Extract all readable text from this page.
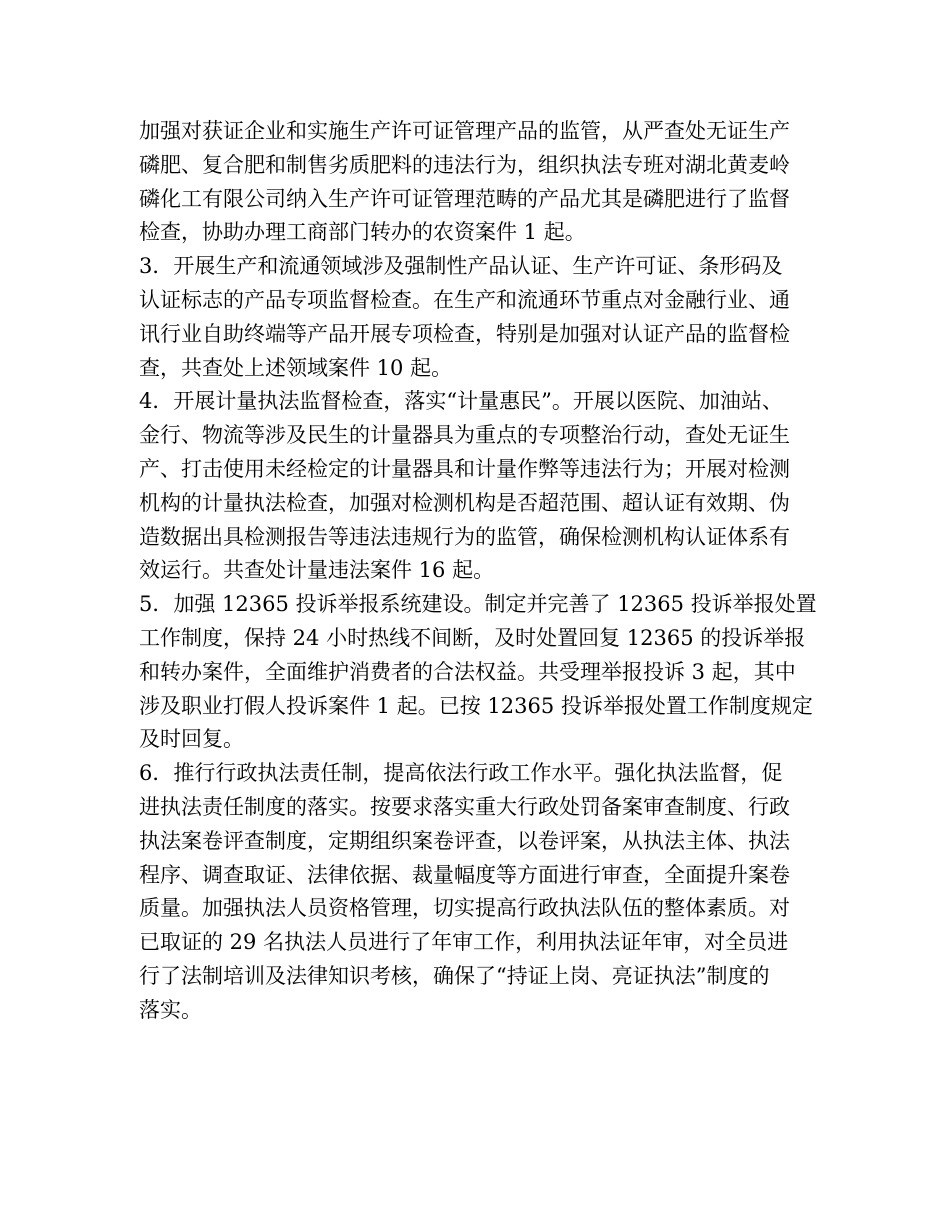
加强对获证企业和实施生产许可证管理产品的监管，从严查处无证生产
磷肥、复合肥和制售劣质肥料的违法行为，组织执法专班对湖北黄麦岭
磷化工有限公司纳入生产许可证管理范畴的产品尤其是磷肥进行了监督
检查，协助办理工商部门转办的农资案件 1 起。
3．开展生产和流通领域涉及强制性产品认证、生产许可证、条形码及
认证标志的产品专项监督检查。在生产和流通环节重点对金融行业、通
讯行业自助终端等产品开展专项检查，特别是加强对认证产品的监督检
查，共查处上述领域案件 10 起。
4．开展计量执法监督检查，落实“计量惠民”。开展以医院、加油站、
金行、物流等涉及民生的计量器具为重点的专项整治行动，查处无证生
产、打击使用未经检定的计量器具和计量作弊等违法行为；开展对检测
机构的计量执法检查，加强对检测机构是否超范围、超认证有效期、伪
造数据出具检测报告等违法违规行为的监管，确保检测机构认证体系有
效运行。共查处计量违法案件 16 起。
5．加强 12365 投诉举报系统建设。制定并完善了 12365 投诉举报处置
工作制度，保持 24 小时热线不间断，及时处置回复 12365 的投诉举报
和转办案件，全面维护消费者的合法权益。共受理举报投诉 3 起，其中
涉及职业打假人投诉案件 1 起。已按 12365 投诉举报处置工作制度规定
及时回复。
6．推行行政执法责任制，提高依法行政工作水平。强化执法监督，促
进执法责任制度的落实。按要求落实重大行政处罚备案审查制度、行政
执法案卷评查制度，定期组织案卷评查，以卷评案，从执法主体、执法
程序、调查取证、法律依据、裁量幅度等方面进行审查，全面提升案卷
质量。加强执法人员资格管理，切实提高行政执法队伍的整体素质。对
已取证的 29 名执法人员进行了年审工作，利用执法证年审，对全员进
行了法制培训及法律知识考核，确保了“持证上岗、亮证执法”制度的
落实。
